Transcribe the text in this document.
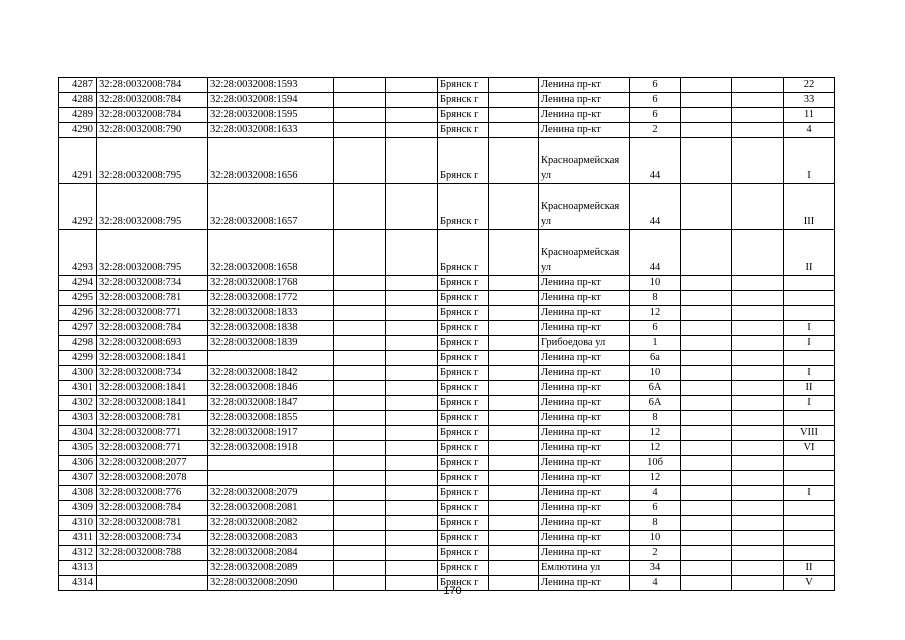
4287	32:28:0032008:784	32:28:0032008:1593			Брянск г		Ленина пр-кт	6			22
4288	32:28:0032008:784	32:28:0032008:1594			Брянск г		Ленина пр-кт	6			33
4289	32:28:0032008:784	32:28:0032008:1595			Брянск г		Ленина пр-кт	6			11
4290	32:28:0032008:790	32:28:0032008:1633			Брянск г		Ленина пр-кт	2			4
4291	32:28:0032008:795	32:28:0032008:1656			Брянск г		Красноармейская ул	44			I
4292	32:28:0032008:795	32:28:0032008:1657			Брянск г		Красноармейская ул	44			III
4293	32:28:0032008:795	32:28:0032008:1658			Брянск г		Красноармейская ул	44			II
4294	32:28:0032008:734	32:28:0032008:1768			Брянск г		Ленина пр-кт	10			
4295	32:28:0032008:781	32:28:0032008:1772			Брянск г		Ленина пр-кт	8			
4296	32:28:0032008:771	32:28:0032008:1833			Брянск г		Ленина пр-кт	12			
4297	32:28:0032008:784	32:28:0032008:1838			Брянск г		Ленина пр-кт	6			I
4298	32:28:0032008:693	32:28:0032008:1839			Брянск г		Грибоедова ул	1			I
4299	32:28:0032008:1841				Брянск г		Ленина пр-кт	6а			
4300	32:28:0032008:734	32:28:0032008:1842			Брянск г		Ленина пр-кт	10			I
4301	32:28:0032008:1841	32:28:0032008:1846			Брянск г		Ленина пр-кт	6А			II
4302	32:28:0032008:1841	32:28:0032008:1847			Брянск г		Ленина пр-кт	6А			I
4303	32:28:0032008:781	32:28:0032008:1855			Брянск г		Ленина пр-кт	8			
4304	32:28:0032008:771	32:28:0032008:1917			Брянск г		Ленина пр-кт	12			VIII
4305	32:28:0032008:771	32:28:0032008:1918			Брянск г		Ленина пр-кт	12			VI
4306	32:28:0032008:2077				Брянск г		Ленина пр-кт	10б			
4307	32:28:0032008:2078				Брянск г		Ленина пр-кт	12			
4308	32:28:0032008:776	32:28:0032008:2079			Брянск г		Ленина пр-кт	4			I
4309	32:28:0032008:784	32:28:0032008:2081			Брянск г		Ленина пр-кт	6			
4310	32:28:0032008:781	32:28:0032008:2082			Брянск г		Ленина пр-кт	8			
4311	32:28:0032008:734	32:28:0032008:2083			Брянск г		Ленина пр-кт	10			
4312	32:28:0032008:788	32:28:0032008:2084			Брянск г		Ленина пр-кт	2			
4313		32:28:0032008:2089			Брянск г		Емлютина ул	34			II
4314		32:28:0032008:2090			Брянск г		Ленина пр-кт	4			V
170
